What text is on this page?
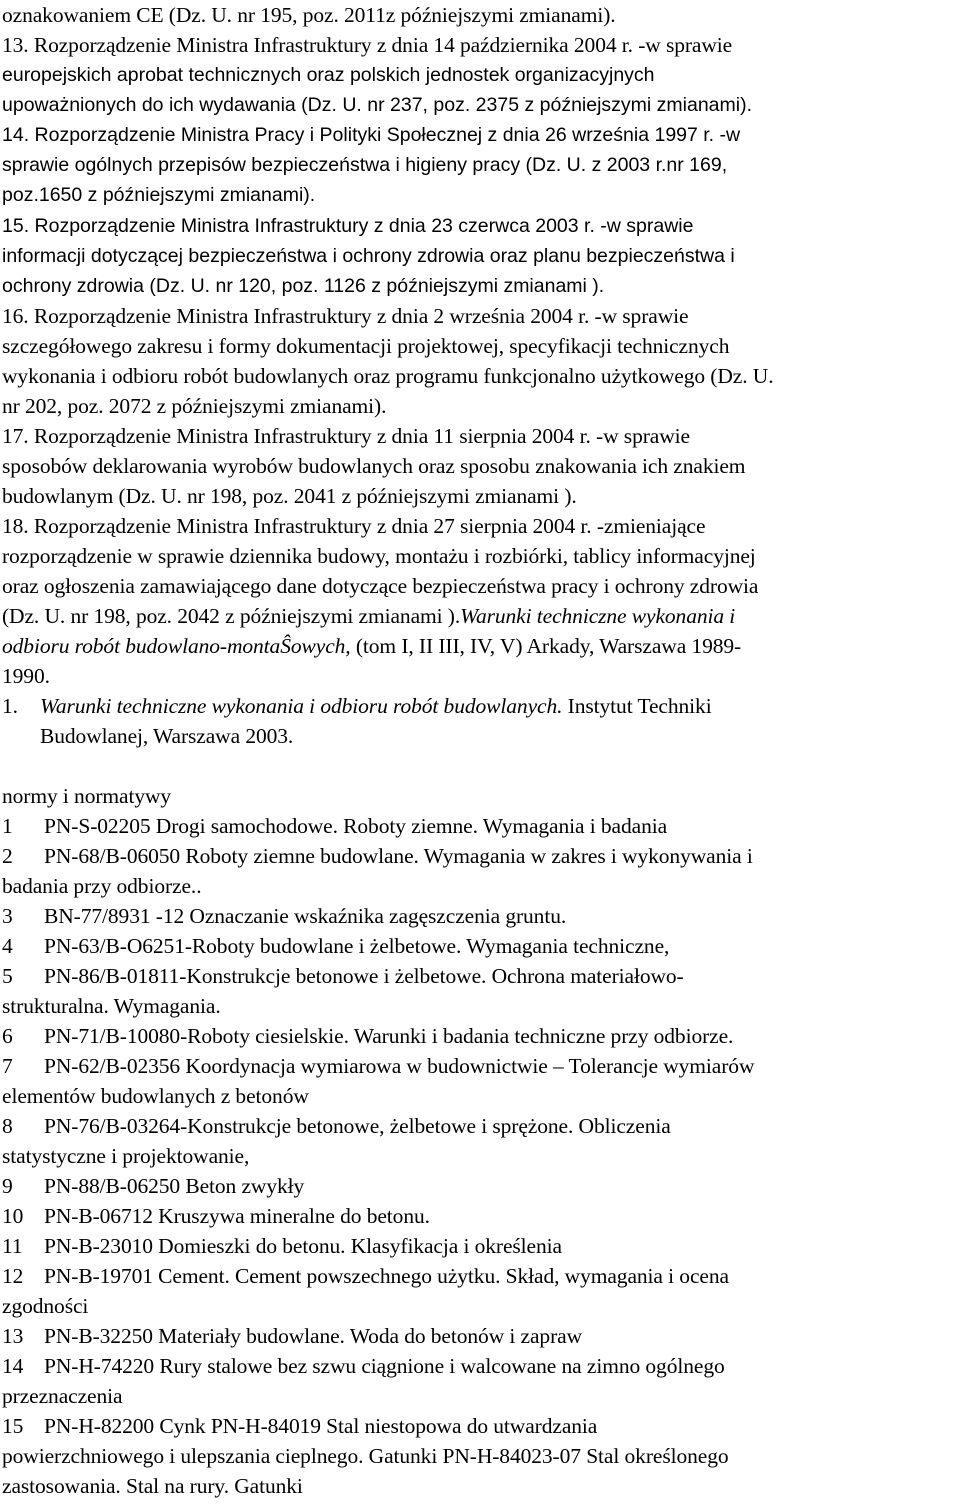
oznakowaniem CE (Dz. U. nr 195, poz. 2011z późniejszymi zmianami).
13. Rozporządzenie Ministra Infrastruktury z dnia 14 października 2004 r. -w sprawie
europejskich aprobat technicznych oraz polskich jednostek organizacyjnych
upoważnionych do ich wydawania (Dz. U. nr 237, poz. 2375 z późniejszymi zmianami).
14. Rozporządzenie Ministra Pracy i Polityki Społecznej z dnia 26 września 1997 r. -w
sprawie ogólnych przepisów bezpieczeństwa i higieny pracy (Dz. U. z 2003 r.nr 169,
poz.1650 z późniejszymi zmianami).
15. Rozporządzenie Ministra Infrastruktury z dnia 23 czerwca 2003 r. -w sprawie
informacji dotyczącej bezpieczeństwa i ochrony zdrowia oraz planu bezpieczeństwa i
ochrony zdrowia (Dz. U. nr 120, poz. 1126 z późniejszymi zmianami ).
16. Rozporządzenie Ministra Infrastruktury z dnia 2 września 2004 r. -w sprawie
szczegółowego zakresu i formy dokumentacji projektowej, specyfikacji technicznych
wykonania i odbioru robót budowlanych oraz programu funkcjonalno użytkowego (Dz. U.
nr 202, poz. 2072 z późniejszymi zmianami).
17. Rozporządzenie Ministra Infrastruktury z dnia 11 sierpnia 2004 r. -w sprawie
sposobów deklarowania wyrobów budowlanych oraz sposobu znakowania ich znakiem
budowlanym (Dz. U. nr 198, poz. 2041 z późniejszymi zmianami ).
18. Rozporządzenie Ministra Infrastruktury z dnia 27 sierpnia 2004 r. -zmieniające
rozporządzenie w sprawie dziennika budowy, montażu i rozbiórki, tablicy informacyjnej
oraz ogłoszenia zamawiającego dane dotyczące bezpieczeństwa pracy i ochrony zdrowia
(Dz. U. nr 198, poz. 2042 z późniejszymi zmianami ).Warunki techniczne wykonania i
odbioru robót budowlano-montaŜowych, (tom I, II III, IV, V) Arkady, Warszawa 1989-
1990.
1. Warunki techniczne wykonania i odbioru robót budowlanych. Instytut Techniki
Budowlanej, Warszawa 2003.
normy i normatywy
1 PN-S-02205 Drogi samochodowe. Roboty ziemne. Wymagania i badania
2 PN-68/B-06050 Roboty ziemne budowlane. Wymagania w zakres i wykonywania i
badania przy odbiorze..
3 BN-77/8931 -12 Oznaczanie wskaźnika zagęszczenia gruntu.
4 PN-63/B-O6251-Roboty budowlane i żelbetowe. Wymagania techniczne,
5 PN-86/B-01811-Konstrukcje betonowe i żelbetowe. Ochrona materiałowo-
strukturalna. Wymagania.
6 PN-71/B-10080-Roboty ciesielskie. Warunki i badania techniczne przy odbiorze.
7 PN-62/B-02356 Koordynacja wymiarowa w budownictwie – Tolerancje wymiarów
elementów budowlanych z betonów
8 PN-76/B-03264-Konstrukcje betonowe, żelbetowe i sprężone. Obliczenia
statystyczne i projektowanie,
9 PN-88/B-06250 Beton zwykły
10 PN-B-06712 Kruszywa mineralne do betonu.
11 PN-B-23010 Domieszki do betonu. Klasyfikacja i określenia
12 PN-B-19701 Cement. Cement powszechnego użytku. Skład, wymagania i ocena
zgodności
13 PN-B-32250 Materiały budowlane. Woda do betonów i zapraw
14 PN-H-74220 Rury stalowe bez szwu ciągnione i walcowane na zimno ogólnego
przeznaczenia
15 PN-H-82200 Cynk PN-H-84019 Stal niestopowa do utwardzania
powierzchniowego i ulepszania cieplnego. Gatunki PN-H-84023-07 Stal określonego
zastosowania. Stal na rury. Gatunki
